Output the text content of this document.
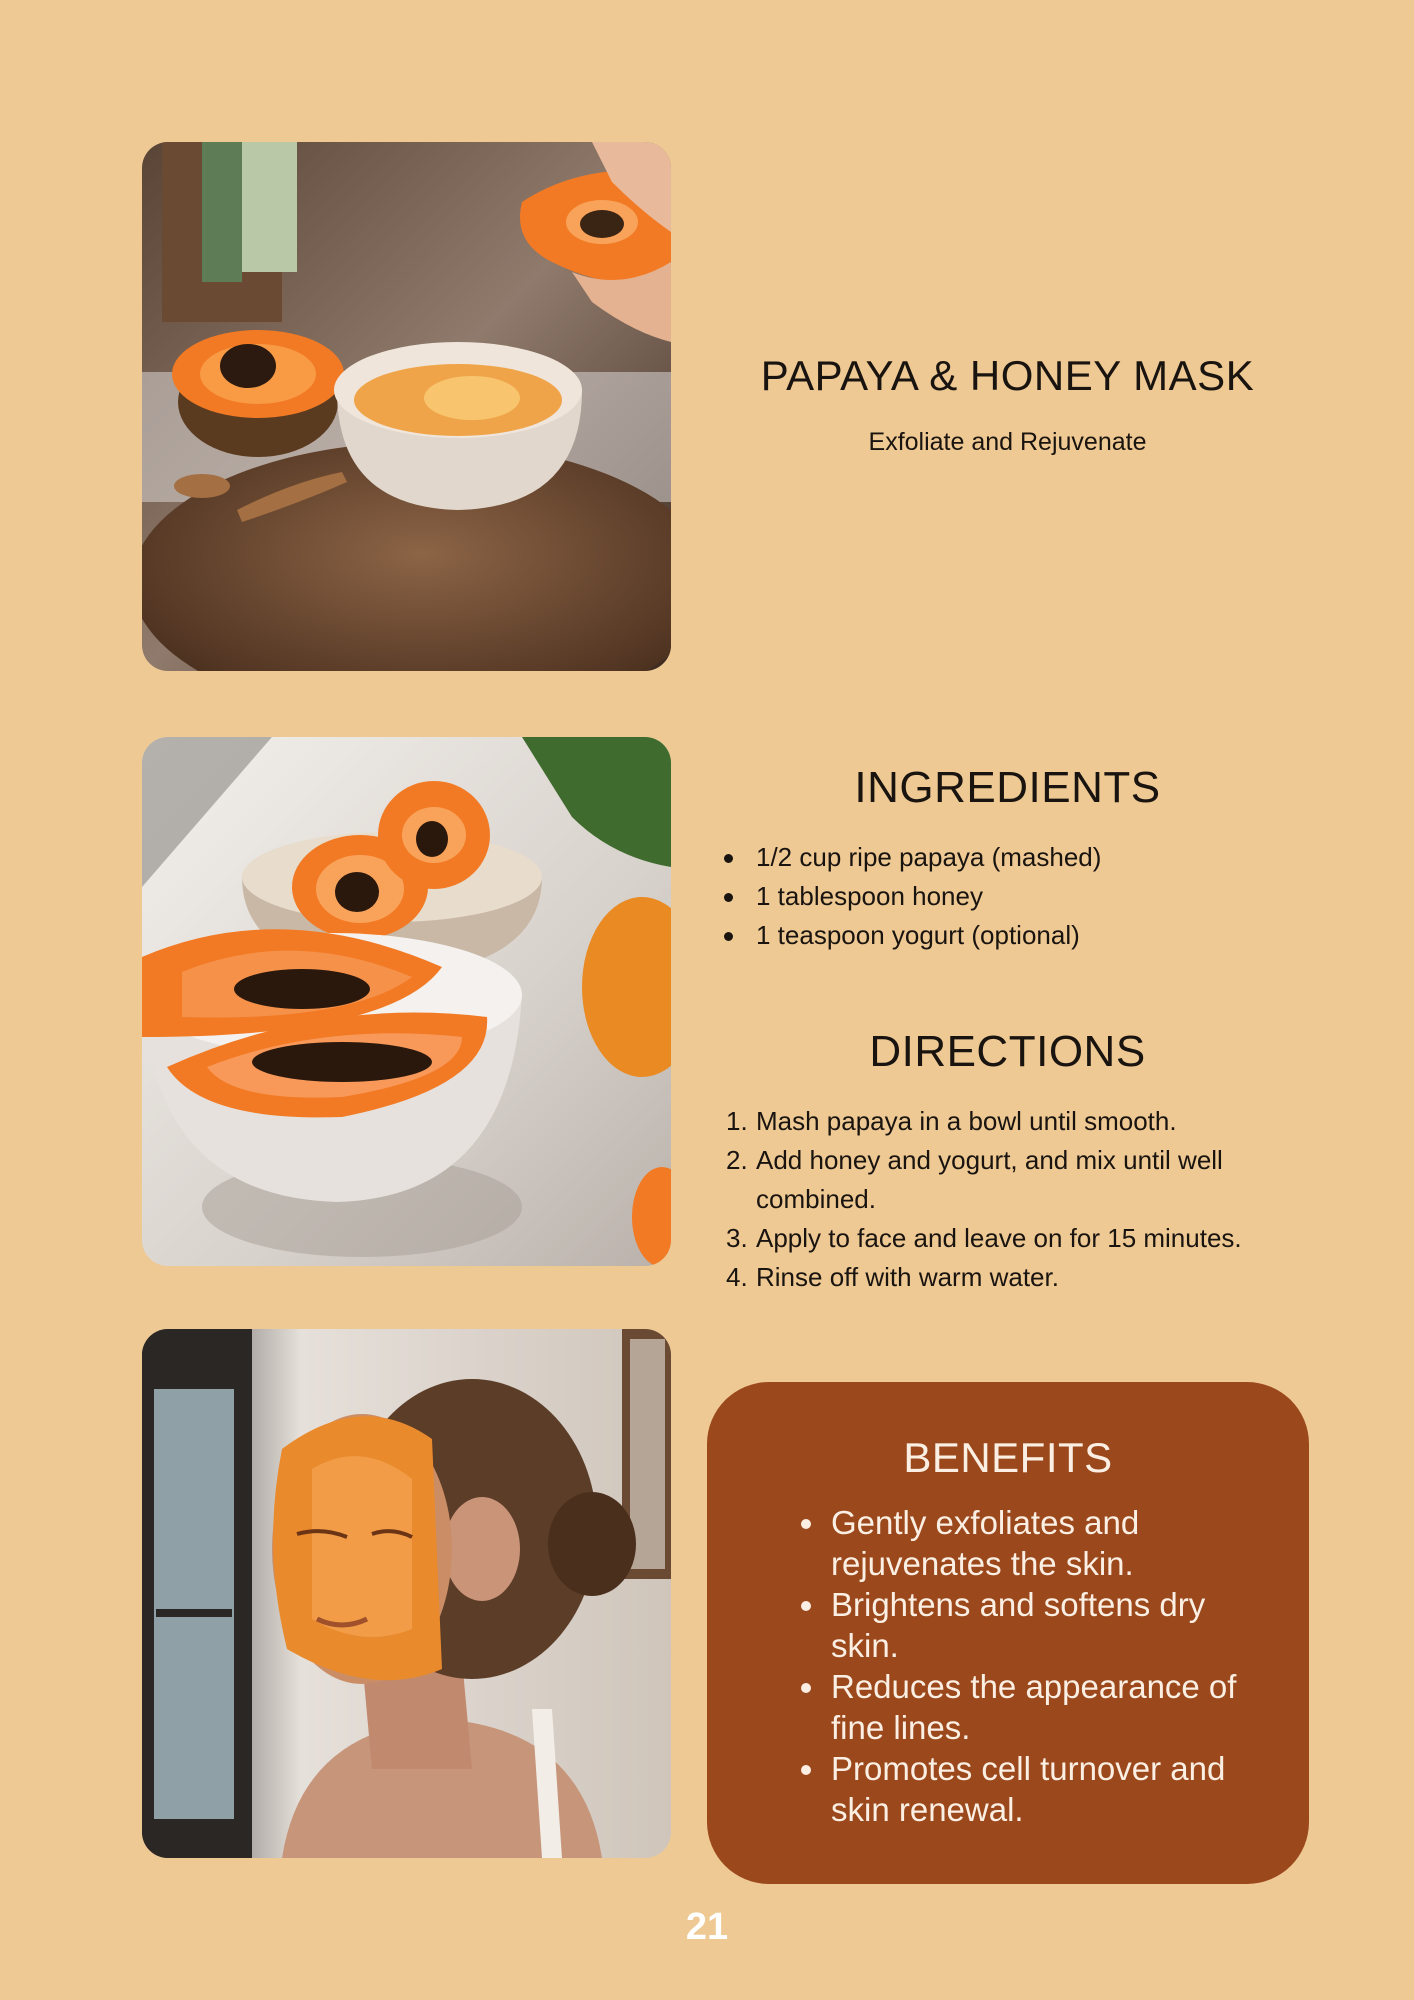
PAPAYA & HONEY MASK

Exfoliate and Rejuvenate

INGREDIENTS
1/2 cup ripe papaya (mashed)
1 tablespoon honey
1 teaspoon yogurt (optional)
DIRECTIONS
1. Mash papaya in a bowl until smooth.
2. Add honey and yogurt, and mix until well combined.
3. Apply to face and leave on for 15 minutes.
4. Rinse off with warm water.
BENEFITS
Gently exfoliates and rejuvenates the skin.
Brightens and softens dry skin.
Reduces the appearance of fine lines.
Promotes cell turnover and skin renewal.
21
